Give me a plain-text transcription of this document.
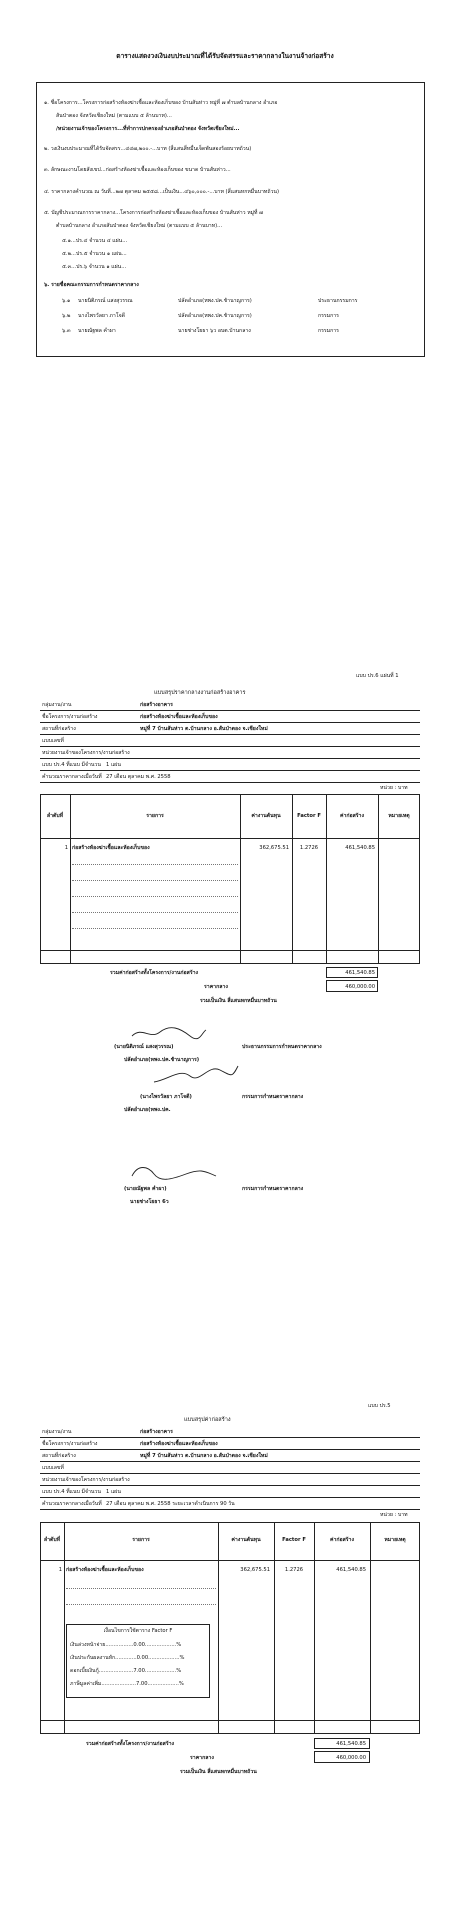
ตารางแสดงวงเงินงบประมาณที่ได้รับจัดสรรและราคากลางในงานจ้างก่อสร้าง
๑. ชื่อโครงการ...โครงการก่อสร้างห้องฆ่าเชื้อและห้องเก็บของ บ้านสันห่าว หมู่ที่ ๗ ตำบลบ้านกลาง อำเภอ
สันป่าตอง จังหวัดเชียงใหม่ (ตามแบบ ๕ ล้านบาท)...
/หน่วยงานเจ้าของโครงการ...ที่ทำการปกครองอำเภอสันป่าตอง จังหวัดเชียงใหม่...
๒. วงเงินงบประมาณที่ได้รับจัดสรร...๔๔๗,๒๐๐.-...บาท (สี่แสนสี่หมื่นเจ็ดพันสองร้อยบาทถ้วน)
๓. ลักษณะงานโดยสังเขป...ก่อสร้างห้องฆ่าเชื้อและห้องเก็บของ ขนาด บ้านสันห่าว...
๔. ราคากลางคำนวณ ณ วันที่...๒๗ ตุลาคม ๒๕๕๘...เป็นเงิน...๔๖๐,๐๐๐.-...บาท (สี่แสนหกหมื่นบาทถ้วน)
๕. บัญชีประมาณการราคากลาง...โครงการก่อสร้างห้องฆ่าเชื้อและห้องเก็บของ บ้านสันห่าว หมู่ที่ ๗
ตำบลบ้านกลาง อำเภอสันป่าตอง จังหวัดเชียงใหม่ (ตามแบบ ๕ ล้านบาท)...
๕.๑...ปร.๔ จำนวน ๔ แผ่น...
๕.๒...ปร.๕ จำนวน ๑ แผ่น...
๕.๓...ปร.๖ จำนวน ๑ แผ่น...
๖. รายชื่อคณะกรรมการกำหนดราคากลาง
๖.๑ นายนิติภรณ์ แสงสุวรรณ	ปลัดอำเภอ(หพง.ปค.ช้านาญการ)	ประธานกรรมการ
๖.๒ นางไพรวัลยา ภาโจดี	ปลัดอำเภอ(หพง.ปค.ช้านาญการ)	กรรมการ
๖.๓ นายณัฐพล คำผา	นายช่างโยธา ๖ว อบต.บ้านกลาง	กรรมการ
แบบ ปร.6 แผ่นที่ 1
แบบสรุปราคากลางงานก่อสร้างอาคาร
กลุ่มงาน/งาน	ก่อสร้างอาคาร
ชื่อโครงการ/งานก่อสร้าง	ก่อสร้างห้องฆ่าเชื้อและห้องเก็บของ
สถานที่ก่อสร้าง	หมู่ที่ 7 บ้านสันห่าว ต.บ้านกลาง อ.สันป่าตอง จ.เชียงใหม่
แบบเลขที่
หน่วยงานเจ้าของโครงการ/งานก่อสร้าง
แบบ ปร.4 ที่แนบ มีจำนวน 1 แผ่น
คำนวณราคากลางเมื่อวันที่ 27 เดือน ตุลาคม พ.ศ. 2558
หน่วย : บาท
ลำดับที่	รายการ	ค่างานต้นทุน	Factor F	ค่าก่อสร้าง	หมายเหตุ
1 ก่อสร้างห้องฆ่าเชื้อและห้องเก็บของ	362,675.51	1.2726	461,540.85
รวมค่าก่อสร้างทั้งโครงการ/งานก่อสร้าง	461,540.85
ราคากลาง	460,000.00
รวมเป็นเงิน สี่แสนหกหมื่นบาทถ้วน
(นายนิติภรณ์ แสงสุวรรณ)
ปลัดอำเภอ(หพง.ปค.ช้านาญการ)
ประธานกรรมการกำหนดราคากลาง
(นางไพรวัลยา ภาโจดี)
ปลัดอำเภอ(หพง.ปค.
กรรมการกำหนดราคากลาง
(นายณัฐพล คำผา)
นายช่างโยธา 6ว
กรรมการกำหนดราคากลาง
แบบ ปร.5
แบบสรุปค่าก่อสร้าง
กลุ่มงาน/งาน	ก่อสร้างอาคาร
ชื่อโครงการ/งานก่อสร้าง	ก่อสร้างห้องฆ่าเชื้อและห้องเก็บของ
สถานที่ก่อสร้าง	หมู่ที่ 7 บ้านสันห่าว ต.บ้านกลาง อ.สันป่าตอง จ.เชียงใหม่
แบบเลขที่
หน่วยงานเจ้าของโครงการ/งานก่อสร้าง
แบบ ปร.4 ที่แนบ มีจำนวน 1 แผ่น
คำนวณราคากลางเมื่อวันที่ 27 เดือน ตุลาคม พ.ศ. 2558 ระยะเวลาดำเนินการ 90 วัน
หน่วย : บาท
ลำดับที่	รายการ	ค่างานต้นทุน	Factor F	ค่าก่อสร้าง	หมายเหตุ
1 ก่อสร้างห้องฆ่าเชื้อและห้องเก็บของ	362,675.51	1.2726	461,540.85
เงื่อนไขการใช้ตาราง Factor F
เงินล่วงหน้าจ่าย.................0.00...................%
เงินประกันผลงานหัก.............0.00...................%
ดอกเบี้ยเงินกู้.....................7.00...................%
ภาษีมูลค่าเพิ่ม.....................7.00...................%
รวมค่าก่อสร้างทั้งโครงการ/งานก่อสร้าง	461,540.85
ราคากลาง	460,000.00
รวมเป็นเงิน สี่แสนหกหมื่นบาทถ้วน
